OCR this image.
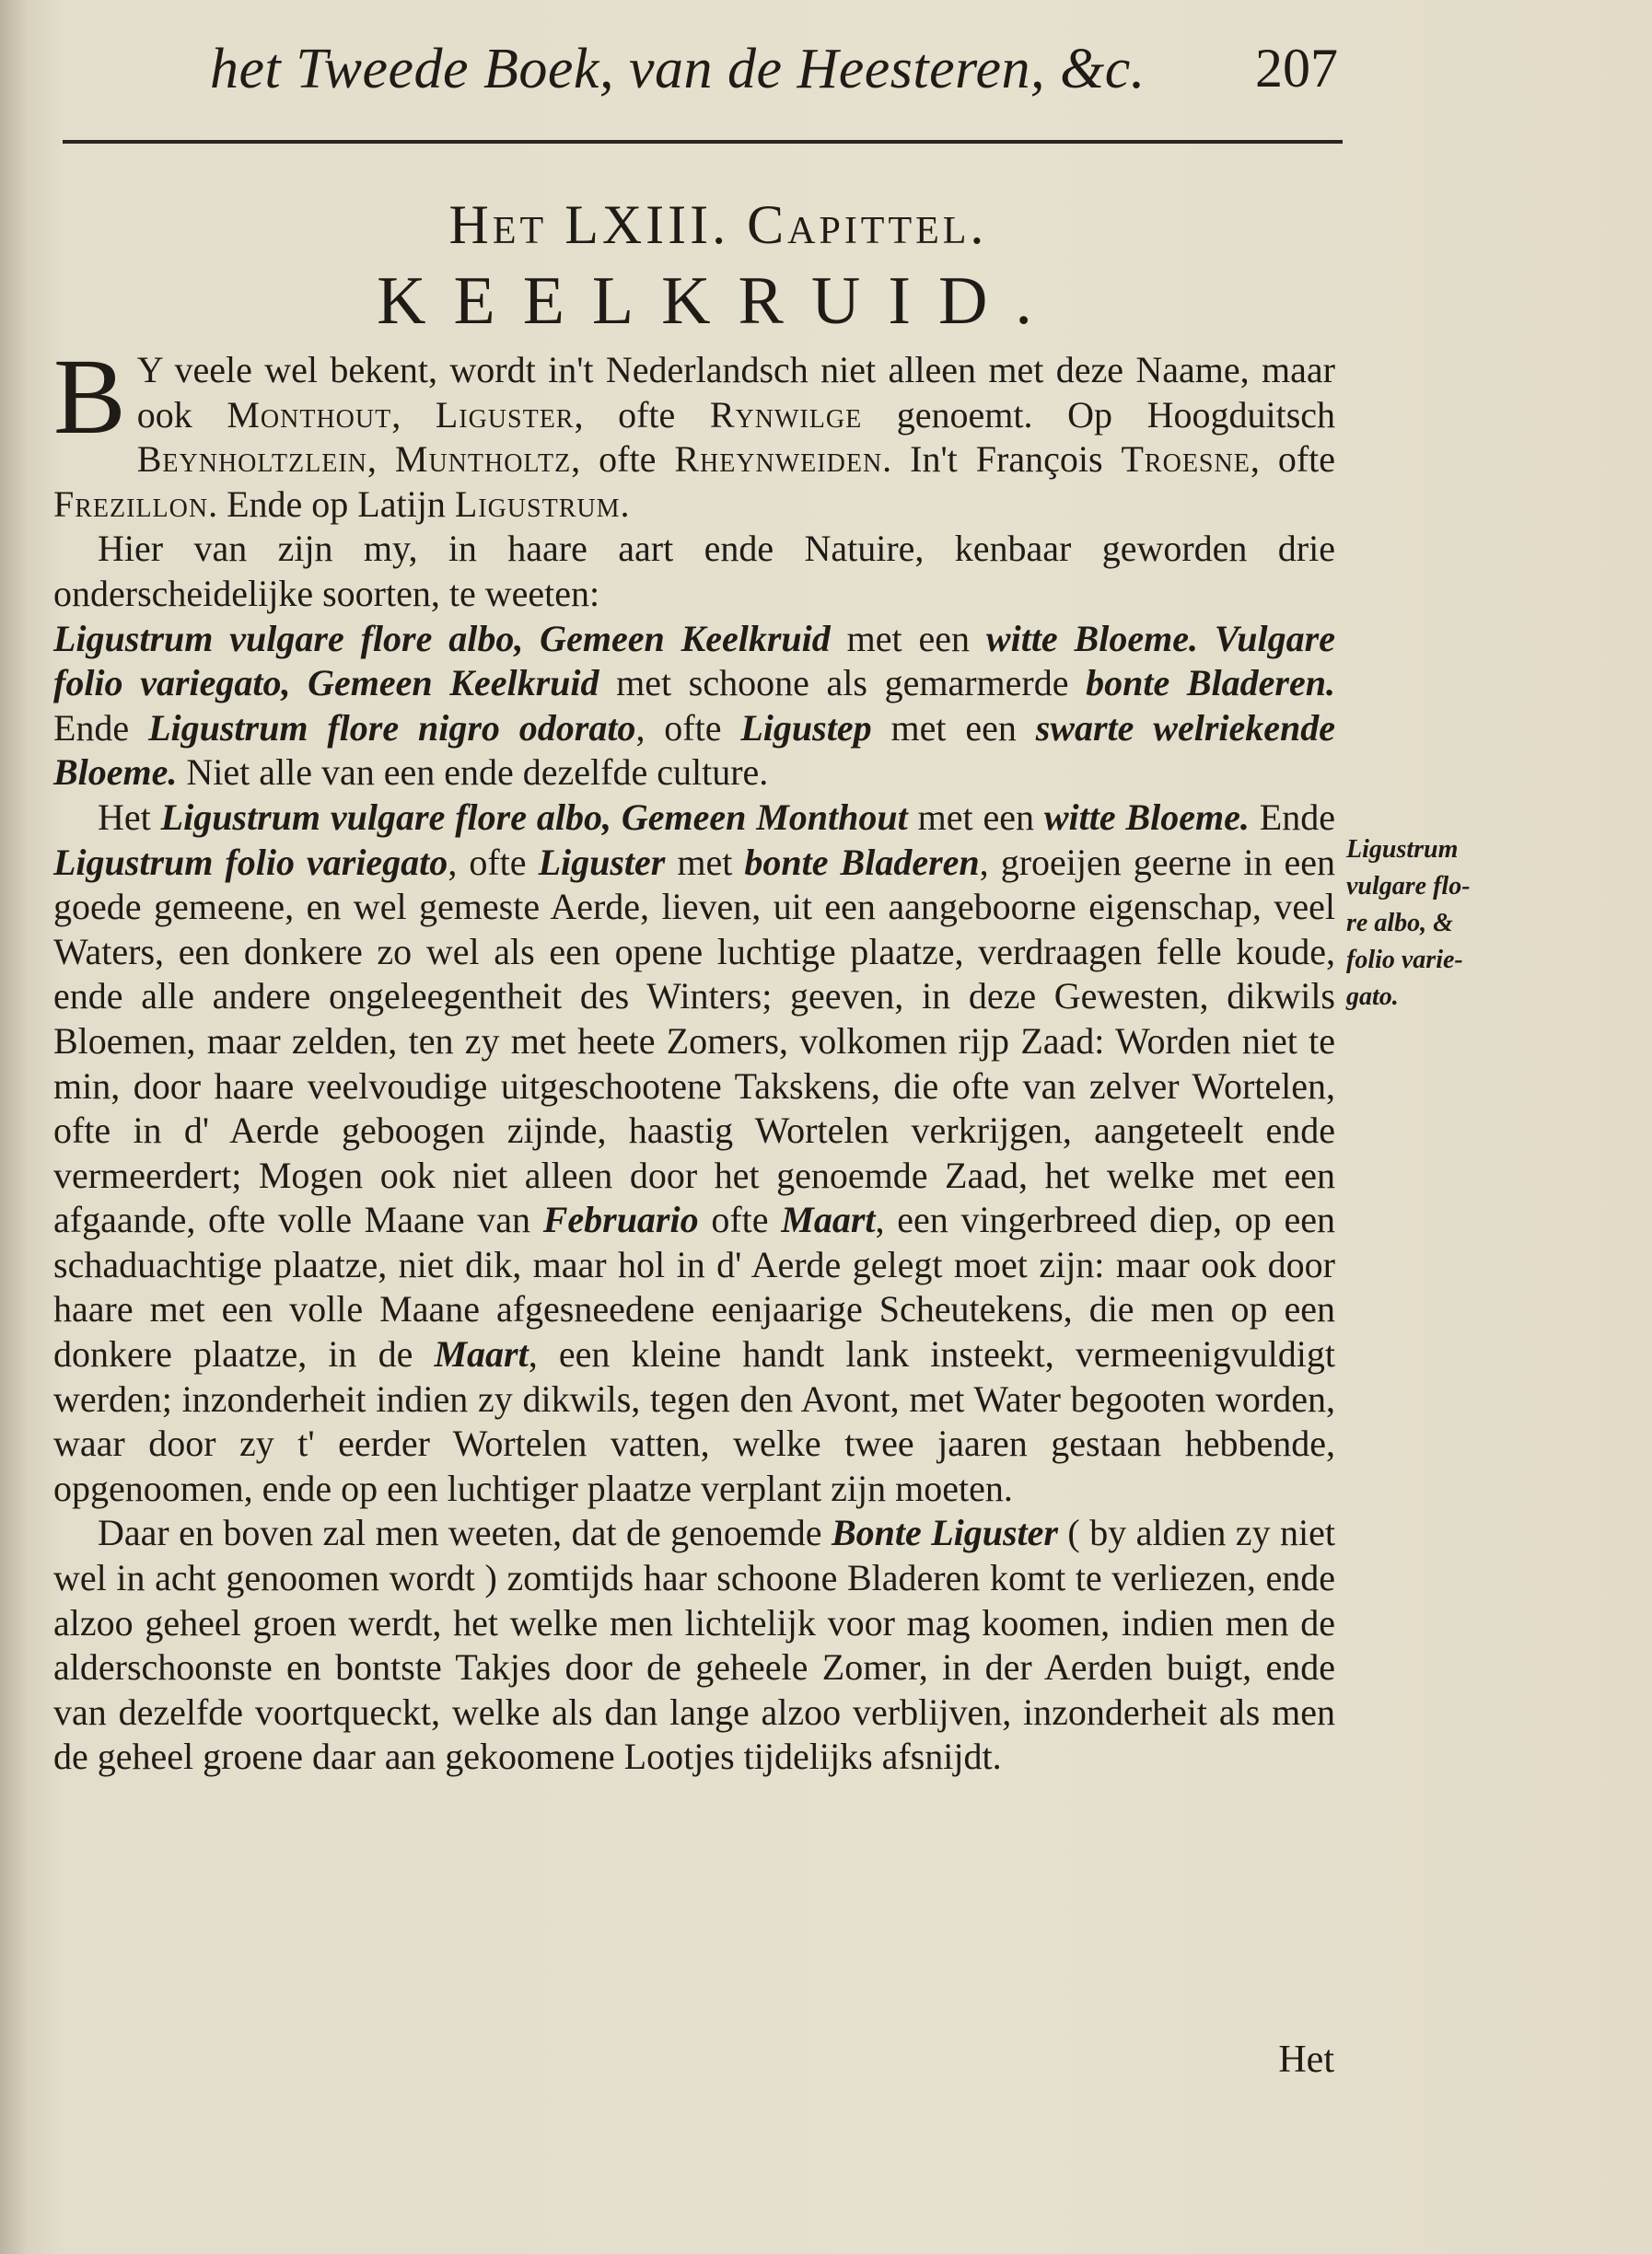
het Tweede Boek, van de Heesteren, &c. 207
Het LXIII. Capittel.
KEELKRUID.

B Y veele wel bekent, wordt in't Nederlandsch niet alleen met deze Naame, maar ook Monthout, Liguster, ofte Rynwilge genoemt. Op Hoogduitsch Beynholtzlein, Muntholtz, ofte Rheynweiden. In't François Troesne, ofte Frezillon. Ende op Latijn Ligustrum.

Hier van zijn my, in haare aart ende Natuire, kenbaar geworden drie onderscheidelijke soorten, te weeten:

Ligustrum vulgare flore albo, Gemeen Keelkruid met een witte Bloeme. Vulgare folio variegato, Gemeen Keelkruid met schoone als gemarmerde bonte Bladeren. Ende Ligustrum flore nigro odorato, ofte Ligustер met een swarte welriekende Bloeme. Niet alle van een ende dezelfde culture.

Het Ligustrum vulgare flore albo, Gemeen Monthout met een witte Bloeme. Ende Ligustrum folio variegato, ofte Liguster met bonte Bladeren, groeijen geerne in een goede gemeene, en wel gemeste Aerde, lieven, uit een aangeboorne eigenschap, veel Waters, een donkere zo wel als een opene luchtige plaatze, verdraagen felle koude, ende alle andere ongeleegentheit des Winters; geeven, in deze Gewesten, dikwils Bloemen, maar zelden, ten zy met heete Zomers, volkomen rijp Zaad: Worden niet te min, door haare veelvoudige uitgeschootene Takskens, die ofte van zelver Wortelen, ofte in d' Aerde geboogen zijnde, haastig Wortelen verkrijgen, aangeteelt ende vermeerdert; Mogen ook niet alleen door het genoemde Zaad, het welke met een afgaande, ofte volle Maane van Februario ofte Maart, een vingerbreed diep, op een schaduachtige plaatze, niet dik, maar hol in d' Aerde gelegt moet zijn: maar ook door haare met een volle Maane afgesneedene eenjaarige Scheutekens, die men op een donkere plaatze, in de Maart, een kleine handt lank insteekt, vermeenigvuldigt werden; inzonderheit indien zy dikwils, tegen den Avont, met Water begooten worden, waar door zy t' eerder Wortelen vatten, welke twee jaaren gestaan hebbende, opgenoomen, ende op een luchtiger plaatze verplant zijn moeten.

Daar en boven zal men weeten, dat de genoemde Bonte Liguster ( by aldien zy niet wel in acht genoomen wordt ) zomtijds haar schoone Bladeren komt te verliezen, ende alzoo geheel groen werdt, het welke men lichtelijk voor mag koomen, indien men de alderschoonste en bontste Takjes door de geheele Zomer, in der Aerden buigt, ende van dezelfde voortqueckt, welke als dan lange alzoo verblijven, inzonderheit als men de geheel groene daar aan gekoomene Lootjes tijdelijks afsnijdt.

Ligustrum
vulgare flo-
re albo, &
folio varie-
gato.
Het
